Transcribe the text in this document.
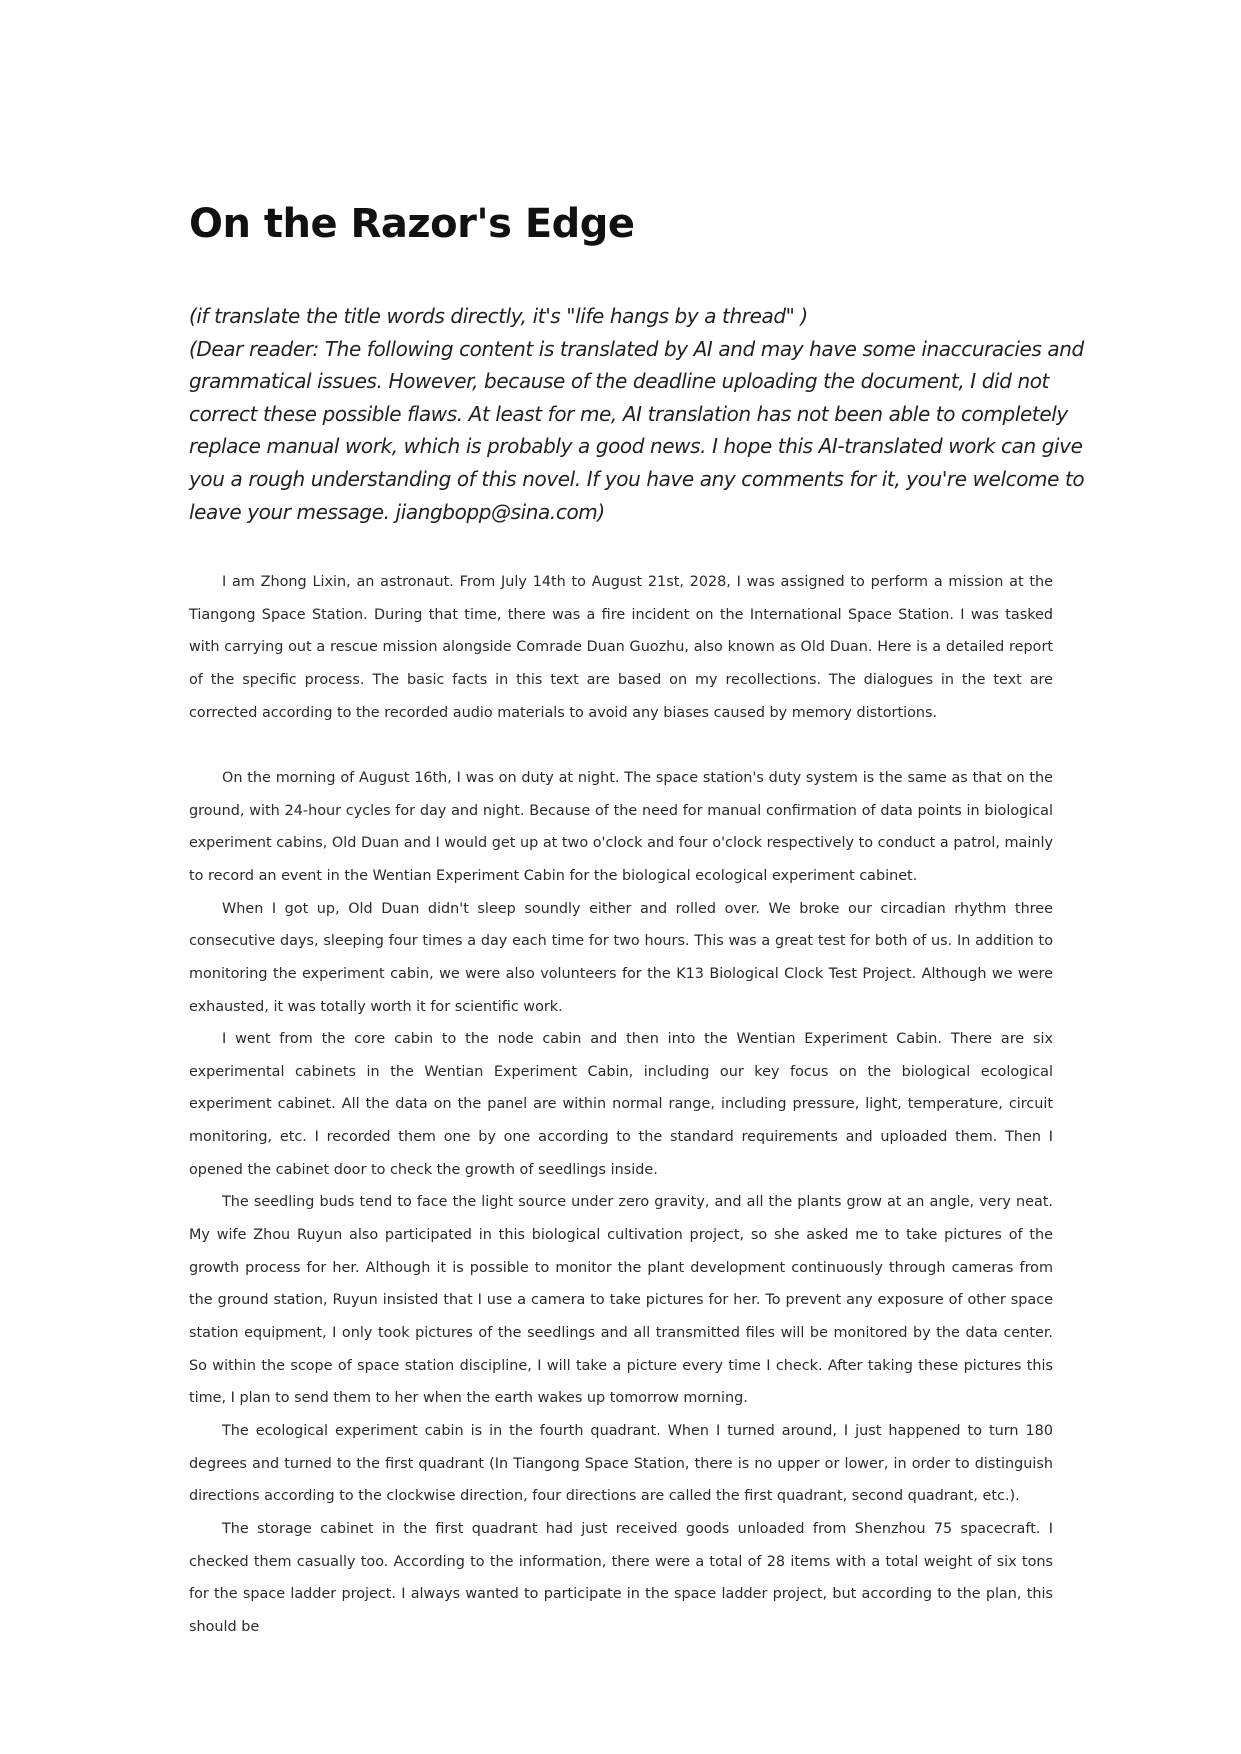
On the Razor's Edge
(if translate the title words directly, it's "life hangs by a thread" )
(Dear reader: The following content is translated by AI and may have some inaccuracies and
grammatical issues. However, because of the deadline uploading the document, I did not
correct these possible flaws. At least for me, AI translation has not been able to completely
replace manual work, which is probably a good news. I hope this AI-translated work can give
you a rough understanding of this novel. If you have any comments for it, you're welcome to
leave your message. jiangbopp@sina.com)

I am Zhong Lixin, an astronaut. From July 14th to August 21st, 2028, I was assigned to perform a mission at the Tiangong Space Station. During that time, there was a fire incident on the International Space Station. I was tasked with carrying out a rescue mission alongside Comrade Duan Guozhu, also known as Old Duan. Here is a detailed report of the specific process. The basic facts in this text are based on my recollections. The dialogues in the text are corrected according to the recorded audio materials to avoid any biases caused by memory distortions.

On the morning of August 16th, I was on duty at night. The space station's duty system is the same as that on the ground, with 24-hour cycles for day and night. Because of the need for manual confirmation of data points in biological experiment cabins, Old Duan and I would get up at two o'clock and four o'clock respectively to conduct a patrol, mainly to record an event in the Wentian Experiment Cabin for the biological ecological experiment cabinet.

When I got up, Old Duan didn't sleep soundly either and rolled over. We broke our circadian rhythm three consecutive days, sleeping four times a day each time for two hours. This was a great test for both of us. In addition to monitoring the experiment cabin, we were also volunteers for the K13 Biological Clock Test Project. Although we were exhausted, it was totally worth it for scientific work.

I went from the core cabin to the node cabin and then into the Wentian Experiment Cabin. There are six experimental cabinets in the Wentian Experiment Cabin, including our key focus on the biological ecological experiment cabinet. All the data on the panel are within normal range, including pressure, light, temperature, circuit monitoring, etc. I recorded them one by one according to the standard requirements and uploaded them. Then I opened the cabinet door to check the growth of seedlings inside.

The seedling buds tend to face the light source under zero gravity, and all the plants grow at an angle, very neat. My wife Zhou Ruyun also participated in this biological cultivation project, so she asked me to take pictures of the growth process for her. Although it is possible to monitor the plant development continuously through cameras from the ground station, Ruyun insisted that I use a camera to take pictures for her. To prevent any exposure of other space station equipment, I only took pictures of the seedlings and all transmitted files will be monitored by the data center. So within the scope of space station discipline, I will take a picture every time I check. After taking these pictures this time, I plan to send them to her when the earth wakes up tomorrow morning.

The ecological experiment cabin is in the fourth quadrant. When I turned around, I just happened to turn 180 degrees and turned to the first quadrant (In Tiangong Space Station, there is no upper or lower, in order to distinguish directions according to the clockwise direction, four directions are called the first quadrant, second quadrant, etc.).

The storage cabinet in the first quadrant had just received goods unloaded from Shenzhou 75 spacecraft. I checked them casually too. According to the information, there were a total of 28 items with a total weight of six tons for the space ladder project. I always wanted to participate in the space ladder project, but according to the plan, this should be
